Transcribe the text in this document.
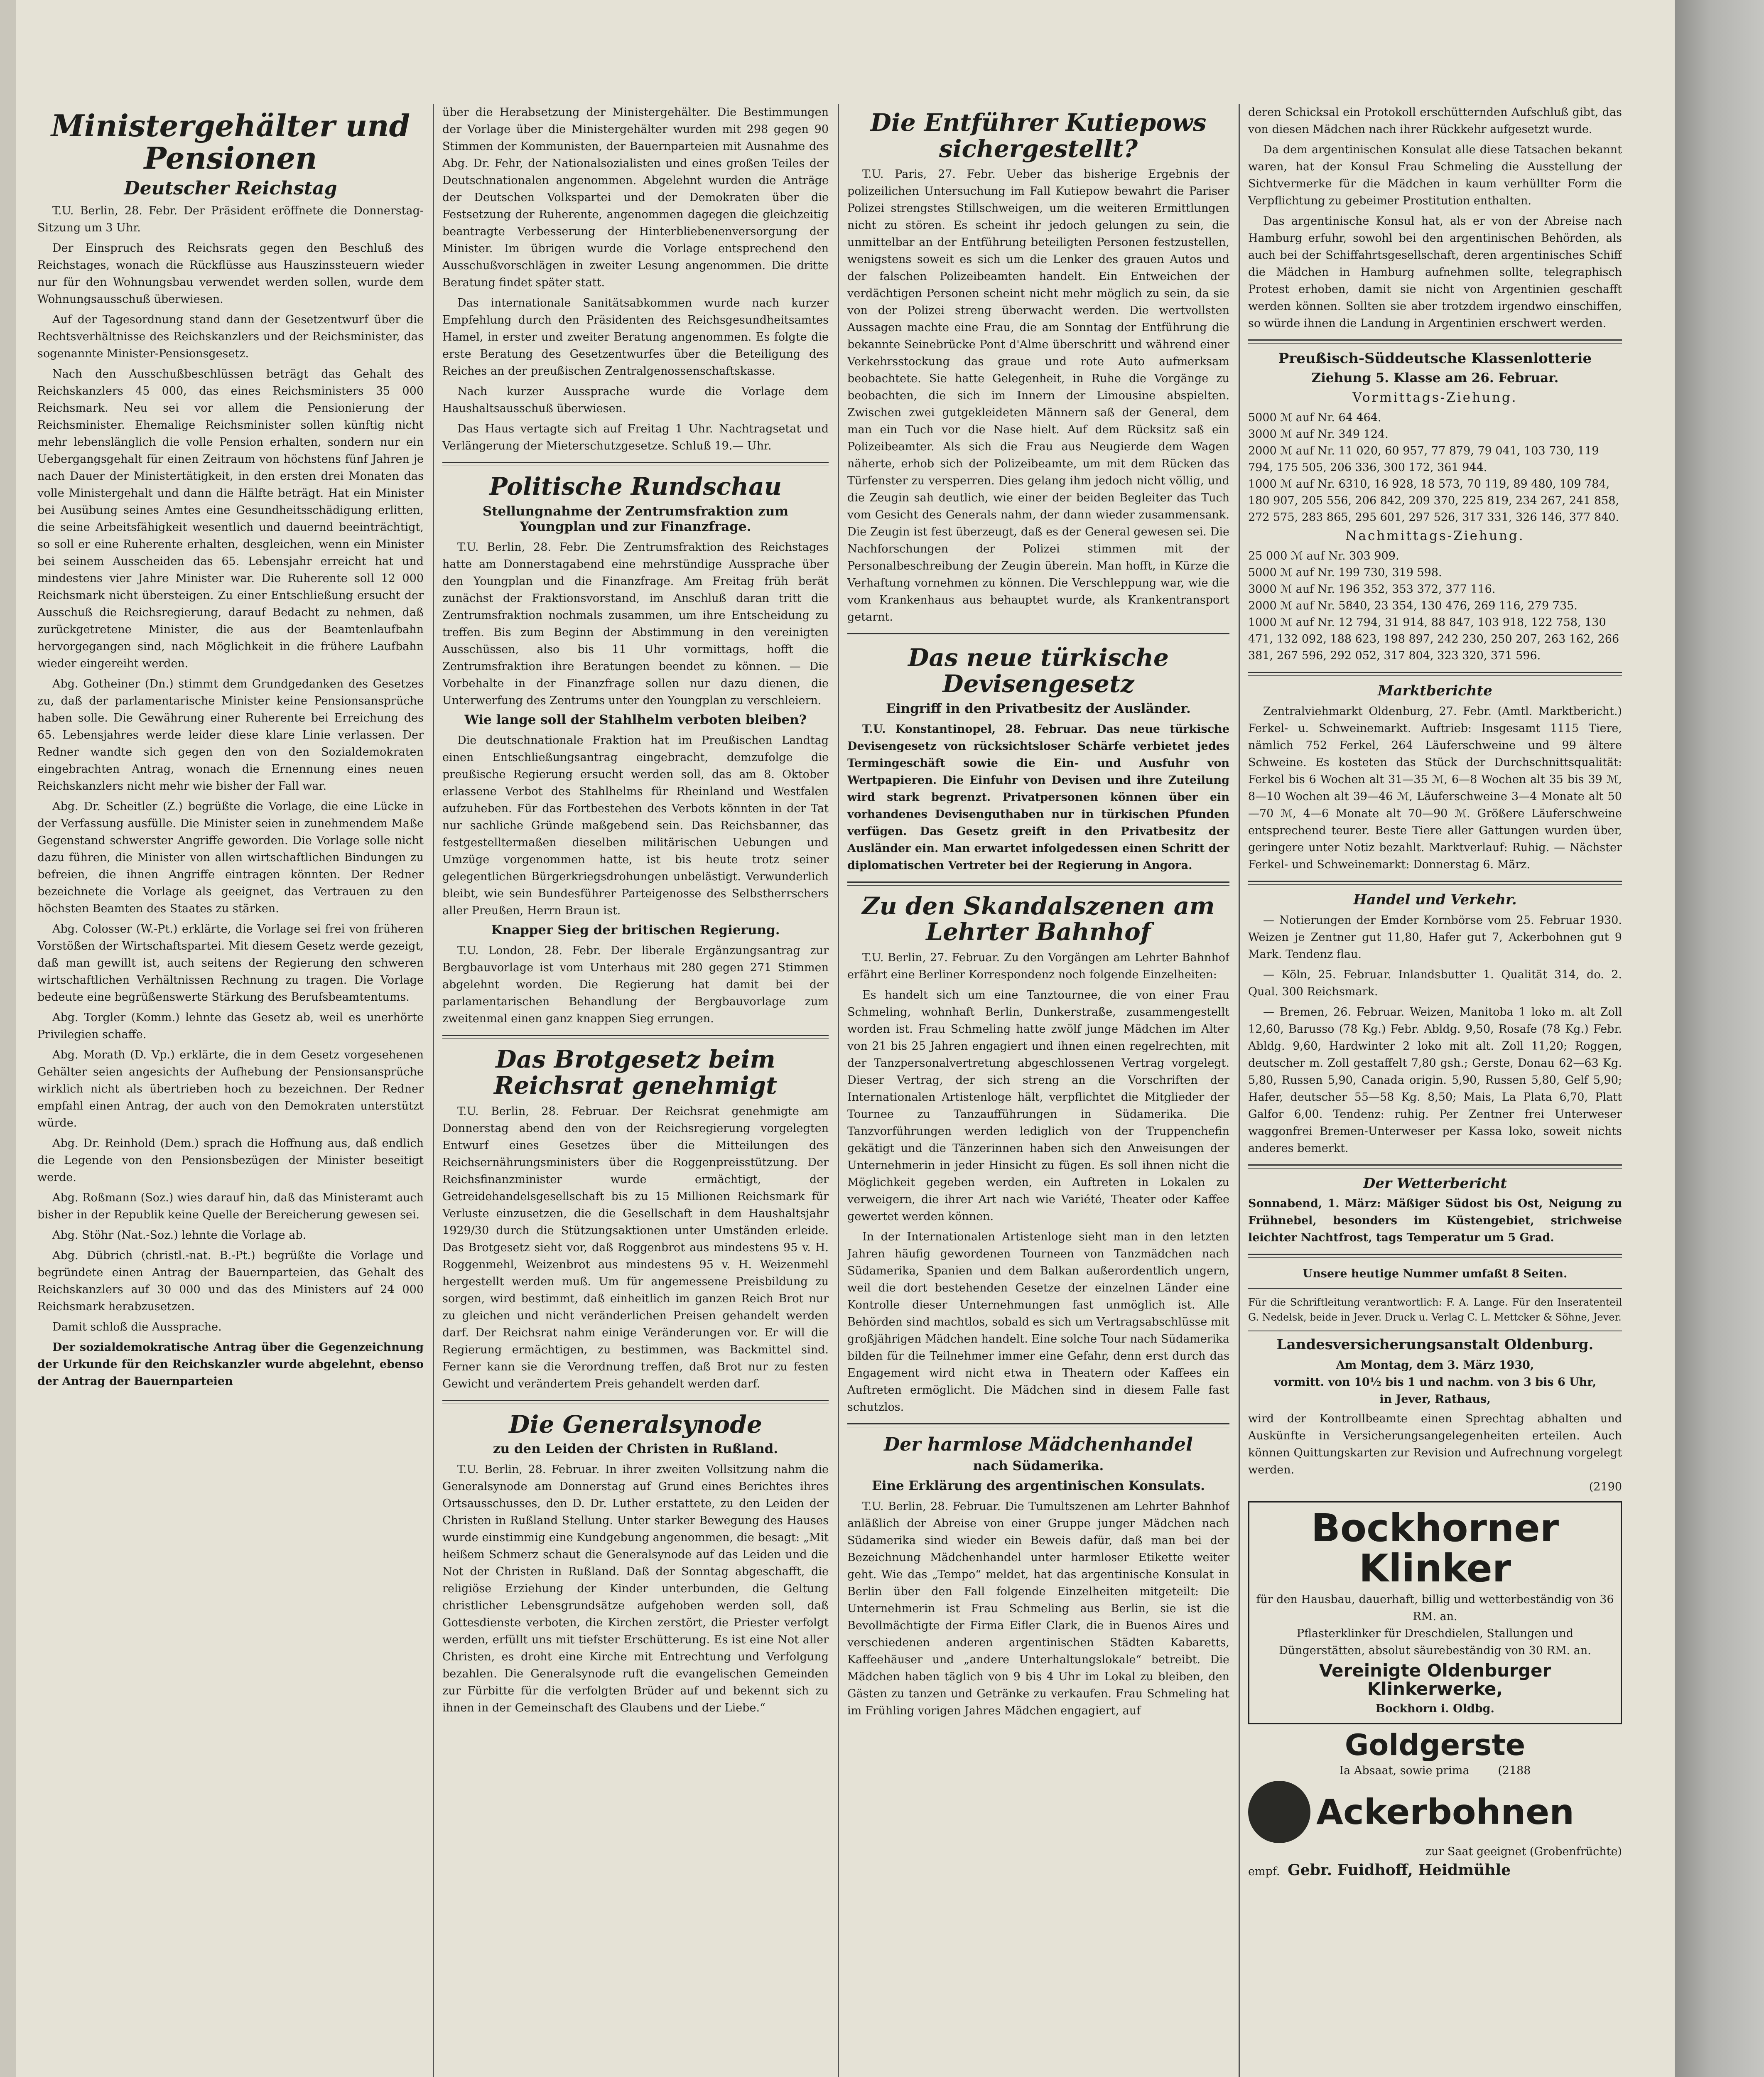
Ministergehälter und Pensionen
Deutscher Reichstag

T.U. Berlin, 28. Febr. Der Präsident eröffnete die Donnerstag-Sitzung um 3 Uhr.

Der Einspruch des Reichsrats gegen den Beschluß des Reichstages, wonach die Rückflüsse aus Hauszinssteuern wieder nur für den Wohnungsbau verwendet werden sollen, wurde dem Wohnungsausschuß überwiesen.

Auf der Tagesordnung stand dann der Gesetzentwurf über die Rechtsverhältnisse des Reichskanzlers und der Reichsminister, das sogenannte Minister-Pensionsgesetz.

Nach den Ausschußbeschlüssen beträgt das Gehalt des Reichskanzlers 45 000, das eines Reichsministers 35 000 Reichsmark. Neu sei vor allem die Pensionierung der Reichsminister. Ehemalige Reichsminister sollen künftig nicht mehr lebenslänglich die volle Pension erhalten, sondern nur ein Uebergangsgehalt für einen Zeitraum von höchstens fünf Jahren je nach Dauer der Ministertätigkeit, in den ersten drei Monaten das volle Ministergehalt und dann die Hälfte beträgt. Hat ein Minister bei Ausübung seines Amtes eine Gesundheitsschädigung erlitten, die seine Arbeitsfähigkeit wesentlich und dauernd beeinträchtigt, so soll er eine Ruherente erhalten, desgleichen, wenn ein Minister bei seinem Ausscheiden das 65. Lebensjahr erreicht hat und mindestens vier Jahre Minister war. Die Ruherente soll 12 000 Reichsmark nicht übersteigen. Zu einer Entschließung ersucht der Ausschuß die Reichsregierung, darauf Bedacht zu nehmen, daß zurückgetretene Minister, die aus der Beamtenlaufbahn hervorgegangen sind, nach Möglichkeit in die frühere Laufbahn wieder eingereiht werden.

Abg. Gotheiner (Dn.) stimmt dem Grundgedanken des Gesetzes zu, daß der parlamentarische Minister keine Pensionsansprüche haben solle. Die Gewährung einer Ruherente bei Erreichung des 65. Lebensjahres werde leider diese klare Linie verlassen. Der Redner wandte sich gegen den von den Sozialdemokraten eingebrachten Antrag, wonach die Ernennung eines neuen Reichskanzlers nicht mehr wie bisher der Fall war.

Abg. Dr. Scheitler (Z.) begrüßte die Vorlage, die eine Lücke in der Verfassung ausfülle. Die Minister seien in zunehmendem Maße Gegenstand schwerster Angriffe geworden. Die Vorlage solle nicht dazu führen, die Minister von allen wirtschaftlichen Bindungen zu befreien, die ihnen Angriffe eintragen könnten. Der Redner bezeichnete die Vorlage als geeignet, das Vertrauen zu den höchsten Beamten des Staates zu stärken.

Abg. Colosser (W.-Pt.) erklärte, die Vorlage sei frei von früheren Vorstößen der Wirtschaftspartei. Mit diesem Gesetz werde gezeigt, daß man gewillt ist, auch seitens der Regierung den schweren wirtschaftlichen Verhältnissen Rechnung zu tragen. Die Vorlage bedeute eine begrüßenswerte Stärkung des Berufsbeamtentums.

Abg. Torgler (Komm.) lehnte das Gesetz ab, weil es unerhörte Privilegien schaffe.

Abg. Morath (D. Vp.) erklärte, die in dem Gesetz vorgesehenen Gehälter seien angesichts der Aufhebung der Pensionsansprüche wirklich nicht als übertrieben hoch zu bezeichnen. Der Redner empfahl einen Antrag, der auch von den Demokraten unterstützt würde.

Abg. Dr. Reinhold (Dem.) sprach die Hoffnung aus, daß endlich die Legende von den Pensionsbezügen der Minister beseitigt werde.

Abg. Roßmann (Soz.) wies darauf hin, daß das Ministeramt auch bisher in der Republik keine Quelle der Bereicherung gewesen sei.

Abg. Stöhr (Nat.-Soz.) lehnte die Vorlage ab.

Abg. Dübrich (christl.-nat. B.-Pt.) begrüßte die Vorlage und begründete einen Antrag der Bauernparteien, das Gehalt des Reichskanzlers auf 30 000 und das des Ministers auf 24 000 Reichsmark herabzusetzen.

Damit schloß die Aussprache.

Der sozialdemokratische Antrag über die Gegenzeichnung der Urkunde für den Reichskanzler wurde abgelehnt, ebenso der Antrag der Bauernparteien

über die Herabsetzung der Ministergehälter. Die Bestimmungen der Vorlage über die Ministergehälter wurden mit 298 gegen 90 Stimmen der Kommunisten, der Bauernparteien mit Ausnahme des Abg. Dr. Fehr, der Nationalsozialisten und eines großen Teiles der Deutschnationalen angenommen. Abgelehnt wurden die Anträge der Deutschen Volkspartei und der Demokraten über die Festsetzung der Ruherente, angenommen dagegen die gleichzeitig beantragte Verbesserung der Hinterbliebenenversorgung der Minister. Im übrigen wurde die Vorlage entsprechend den Ausschußvorschlägen in zweiter Lesung angenommen. Die dritte Beratung findet später statt.

Das internationale Sanitätsabkommen wurde nach kurzer Empfehlung durch den Präsidenten des Reichsgesundheitsamtes Hamel, in erster und zweiter Beratung angenommen. Es folgte die erste Beratung des Gesetzentwurfes über die Beteiligung des Reiches an der preußischen Zentralgenossenschaftskasse.

Nach kurzer Aussprache wurde die Vorlage dem Haushaltsausschuß überwiesen.

Das Haus vertagte sich auf Freitag 1 Uhr. Nachtragsetat und Verlängerung der Mieterschutzgesetze. Schluß 19.— Uhr.

Politische Rundschau
Stellungnahme der Zentrumsfraktion zum Youngplan und zur Finanzfrage.

T.U. Berlin, 28. Febr. Die Zentrumsfraktion des Reichstages hatte am Donnerstagabend eine mehrstündige Aussprache über den Youngplan und die Finanzfrage. Am Freitag früh berät zunächst der Fraktionsvorstand, im Anschluß daran tritt die Zentrumsfraktion nochmals zusammen, um ihre Entscheidung zu treffen. Bis zum Beginn der Abstimmung in den vereinigten Ausschüssen, also bis 11 Uhr vormittags, hofft die Zentrumsfraktion ihre Beratungen beendet zu können. — Die Vorbehalte in der Finanzfrage sollen nur dazu dienen, die Unterwerfung des Zentrums unter den Youngplan zu verschleiern.

Wie lange soll der Stahlhelm verboten bleiben?

Die deutschnationale Fraktion hat im Preußischen Landtag einen Entschließungsantrag eingebracht, demzufolge die preußische Regierung ersucht werden soll, das am 8. Oktober erlassene Verbot des Stahlhelms für Rheinland und Westfalen aufzuheben. Für das Fortbestehen des Verbots könnten in der Tat nur sachliche Gründe maßgebend sein. Das Reichsbanner, das festgestelltermaßen dieselben militärischen Uebungen und Umzüge vorgenommen hatte, ist bis heute trotz seiner gelegentlichen Bürgerkriegsdrohungen unbelästigt. Verwunderlich bleibt, wie sein Bundesführer Parteigenosse des Selbstherrschers aller Preußen, Herrn Braun ist.

Knapper Sieg der britischen Regierung.

T.U. London, 28. Febr. Der liberale Ergänzungsantrag zur Bergbauvorlage ist vom Unterhaus mit 280 gegen 271 Stimmen abgelehnt worden. Die Regierung hat damit bei der parlamentarischen Behandlung der Bergbauvorlage zum zweitenmal einen ganz knappen Sieg errungen.

Das Brotgesetz beim Reichsrat genehmigt

T.U. Berlin, 28. Februar. Der Reichsrat genehmigte am Donnerstag abend den von der Reichsregierung vorgelegten Entwurf eines Gesetzes über die Mitteilungen des Reichsernährungsministers über die Roggenpreisstützung. Der Reichsfinanzminister wurde ermächtigt, der Getreidehandelsgesellschaft bis zu 15 Millionen Reichsmark für Verluste einzusetzen, die die Gesellschaft in dem Haushaltsjahr 1929/30 durch die Stützungsaktionen unter Umständen erleide. Das Brotgesetz sieht vor, daß Roggenbrot aus mindestens 95 v. H. Roggenmehl, Weizenbrot aus mindestens 95 v. H. Weizenmehl hergestellt werden muß. Um für angemessene Preisbildung zu sorgen, wird bestimmt, daß einheitlich im ganzen Reich Brot nur zu gleichen und nicht veränderlichen Preisen gehandelt werden darf. Der Reichsrat nahm einige Veränderungen vor. Er will die Regierung ermächtigen, zu bestimmen, was Backmittel sind. Ferner kann sie die Verordnung treffen, daß Brot nur zu festen Gewicht und verändertem Preis gehandelt werden darf.

Die Generalsynode
zu den Leiden der Christen in Rußland.

T.U. Berlin, 28. Februar. In ihrer zweiten Vollsitzung nahm die Generalsynode am Donnerstag auf Grund eines Berichtes ihres Ortsausschusses, den D. Dr. Luther erstattete, zu den Leiden der Christen in Rußland Stellung. Unter starker Bewegung des Hauses wurde einstimmig eine Kundgebung angenommen, die besagt: „Mit heißem Schmerz schaut die Generalsynode auf das Leiden und die Not der Christen in Rußland. Daß der Sonntag abgeschafft, die religiöse Erziehung der Kinder unterbunden, die Geltung christlicher Lebensgrundsätze aufgehoben werden soll, daß Gottesdienste verboten, die Kirchen zerstört, die Priester verfolgt werden, erfüllt uns mit tiefster Erschütterung. Es ist eine Not aller Christen, es droht eine Kirche mit Entrechtung und Verfolgung bezahlen. Die Generalsynode ruft die evangelischen Gemeinden zur Fürbitte für die verfolgten Brüder auf und bekennt sich zu ihnen in der Gemeinschaft des Glaubens und der Liebe.“

Die Entführer Kutiepows sichergestellt?

T.U. Paris, 27. Febr. Ueber das bisherige Ergebnis der polizeilichen Untersuchung im Fall Kutiepow bewahrt die Pariser Polizei strengstes Stillschweigen, um die weiteren Ermittlungen nicht zu stören. Es scheint ihr jedoch gelungen zu sein, die unmittelbar an der Entführung beteiligten Personen festzustellen, wenigstens soweit es sich um die Lenker des grauen Autos und der falschen Polizeibeamten handelt. Ein Entweichen der verdächtigen Personen scheint nicht mehr möglich zu sein, da sie von der Polizei streng überwacht werden. Die wertvollsten Aussagen machte eine Frau, die am Sonntag der Entführung die bekannte Seinebrücke Pont d'Alme überschritt und während einer Verkehrsstockung das graue und rote Auto aufmerksam beobachtete. Sie hatte Gelegenheit, in Ruhe die Vorgänge zu beobachten, die sich im Innern der Limousine abspielten. Zwischen zwei gutgekleideten Männern saß der General, dem man ein Tuch vor die Nase hielt. Auf dem Rücksitz saß ein Polizeibeamter. Als sich die Frau aus Neugierde dem Wagen näherte, erhob sich der Polizeibeamte, um mit dem Rücken das Türfenster zu versperren. Dies gelang ihm jedoch nicht völlig, und die Zeugin sah deutlich, wie einer der beiden Begleiter das Tuch vom Gesicht des Generals nahm, der dann wieder zusammensank. Die Zeugin ist fest überzeugt, daß es der General gewesen sei. Die Nachforschungen der Polizei stimmen mit der Personalbeschreibung der Zeugin überein. Man hofft, in Kürze die Verhaftung vornehmen zu können. Die Verschleppung war, wie die vom Krankenhaus aus behauptet wurde, als Krankentransport getarnt.

Das neue türkische Devisengesetz
Eingriff in den Privatbesitz der Ausländer.

T.U. Konstantinopel, 28. Februar. Das neue türkische Devisengesetz von rücksichtsloser Schärfe verbietet jedes Termingeschäft sowie die Ein- und Ausfuhr von Wertpapieren. Die Einfuhr von Devisen und ihre Zuteilung wird stark begrenzt. Privatpersonen können über ein vorhandenes Devisenguthaben nur in türkischen Pfunden verfügen. Das Gesetz greift in den Privatbesitz der Ausländer ein. Man erwartet infolgedessen einen Schritt der diplomatischen Vertreter bei der Regierung in Angora.

Zu den Skandalszenen am Lehrter Bahnhof

T.U. Berlin, 27. Februar. Zu den Vorgängen am Lehrter Bahnhof erfährt eine Berliner Korrespondenz noch folgende Einzelheiten:

Es handelt sich um eine Tanztournee, die von einer Frau Schmeling, wohnhaft Berlin, Dunkerstraße, zusammengestellt worden ist. Frau Schmeling hatte zwölf junge Mädchen im Alter von 21 bis 25 Jahren engagiert und ihnen einen regelrechten, mit der Tanzpersonalvertretung abgeschlossenen Vertrag vorgelegt. Dieser Vertrag, der sich streng an die Vorschriften der Internationalen Artistenloge hält, verpflichtet die Mitglieder der Tournee zu Tanzaufführungen in Südamerika. Die Tanzvorführungen werden lediglich von der Truppenchefin gekätigt und die Tänzerinnen haben sich den Anweisungen der Unternehmerin in jeder Hinsicht zu fügen. Es soll ihnen nicht die Möglichkeit gegeben werden, ein Auftreten in Lokalen zu verweigern, die ihrer Art nach wie Variété, Theater oder Kaffee gewertet werden können.

In der Internationalen Artistenloge sieht man in den letzten Jahren häufig gewordenen Tourneen von Tanzmädchen nach Südamerika, Spanien und dem Balkan außerordentlich ungern, weil die dort bestehenden Gesetze der einzelnen Länder eine Kontrolle dieser Unternehmungen fast unmöglich ist. Alle Behörden sind machtlos, sobald es sich um Vertragsabschlüsse mit großjährigen Mädchen handelt. Eine solche Tour nach Südamerika bilden für die Teilnehmer immer eine Gefahr, denn erst durch das Engagement wird nicht etwa in Theatern oder Kaffees ein Auftreten ermöglicht. Die Mädchen sind in diesem Falle fast schutzlos.

Der harmlose Mädchenhandel
nach Südamerika.
Eine Erklärung des argentinischen Konsulats.

T.U. Berlin, 28. Februar. Die Tumultszenen am Lehrter Bahnhof anläßlich der Abreise von einer Gruppe junger Mädchen nach Südamerika sind wieder ein Beweis dafür, daß man bei der Bezeichnung Mädchenhandel unter harmloser Etikette weiter geht. Wie das „Tempo“ meldet, hat das argentinische Konsulat in Berlin über den Fall folgende Einzelheiten mitgeteilt: Die Unternehmerin ist Frau Schmeling aus Berlin, sie ist die Bevollmächtigte der Firma Eifler Clark, die in Buenos Aires und verschiedenen anderen argentinischen Städten Kabaretts, Kaffeehäuser und „andere Unterhaltungslokale“ betreibt. Die Mädchen haben täglich von 9 bis 4 Uhr im Lokal zu bleiben, den Gästen zu tanzen und Getränke zu verkaufen. Frau Schmeling hat im Frühling vorigen Jahres Mädchen engagiert, auf

deren Schicksal ein Protokoll erschütternden Aufschluß gibt, das von diesen Mädchen nach ihrer Rückkehr aufgesetzt wurde.

Da dem argentinischen Konsulat alle diese Tatsachen bekannt waren, hat der Konsul Frau Schmeling die Ausstellung der Sichtvermerke für die Mädchen in kaum verhüllter Form die Verpflichtung zu gebeimer Prostitution enthalten.

Das argentinische Konsul hat, als er von der Abreise nach Hamburg erfuhr, sowohl bei den argentinischen Behörden, als auch bei der Schiffahrtsgesellschaft, deren argentinisches Schiff die Mädchen in Hamburg aufnehmen sollte, telegraphisch Protest erhoben, damit sie nicht von Argentinien geschafft werden können. Sollten sie aber trotzdem irgendwo einschiffen, so würde ihnen die Landung in Argentinien erschwert werden.

Preußisch-Süddeutsche Klassenlotterie
Ziehung 5. Klasse am 26. Februar.
Vormittags-Ziehung.

5000 ℳ auf Nr. 64 464.

3000 ℳ auf Nr. 349 124.

2000 ℳ auf Nr. 11 020, 60 957, 77 879, 79 041, 103 730, 119 794, 175 505, 206 336, 300 172, 361 944.

1000 ℳ auf Nr. 6310, 16 928, 18 573, 70 119, 89 480, 109 784, 180 907, 205 556, 206 842, 209 370, 225 819, 234 267, 241 858, 272 575, 283 865, 295 601, 297 526, 317 331, 326 146, 377 840.

Nachmittags-Ziehung.

25 000 ℳ auf Nr. 303 909.

5000 ℳ auf Nr. 199 730, 319 598.

3000 ℳ auf Nr. 196 352, 353 372, 377 116.

2000 ℳ auf Nr. 5840, 23 354, 130 476, 269 116, 279 735.

1000 ℳ auf Nr. 12 794, 31 914, 88 847, 103 918, 122 758, 130 471, 132 092, 188 623, 198 897, 242 230, 250 207, 263 162, 266 381, 267 596, 292 052, 317 804, 323 320, 371 596.

Marktberichte

Zentralviehmarkt Oldenburg, 27. Febr. (Amtl. Marktbericht.) Ferkel- u. Schweinemarkt. Auftrieb: Insgesamt 1115 Tiere, nämlich 752 Ferkel, 264 Läuferschweine und 99 ältere Schweine. Es kosteten das Stück der Durchschnittsqualität: Ferkel bis 6 Wochen alt 31—35 ℳ, 6—8 Wochen alt 35 bis 39 ℳ, 8—10 Wochen alt 39—46 ℳ, Läuferschweine 3—4 Monate alt 50—70 ℳ, 4—6 Monate alt 70—90 ℳ. Größere Läuferschweine entsprechend teurer. Beste Tiere aller Gattungen wurden über, geringere unter Notiz bezahlt. Marktverlauf: Ruhig. — Nächster Ferkel- und Schweinemarkt: Donnerstag 6. März.

Handel und Verkehr.

— Notierungen der Emder Kornbörse vom 25. Februar 1930. Weizen je Zentner gut 11,80, Hafer gut 7, Ackerbohnen gut 9 Mark. Tendenz flau.

— Köln, 25. Februar. Inlandsbutter 1. Qualität 314, do. 2. Qual. 300 Reichsmark.

— Bremen, 26. Februar. Weizen, Manitoba 1 loko m. alt Zoll 12,60, Barusso (78 Kg.) Febr. Abldg. 9,50, Rosafe (78 Kg.) Febr. Abldg. 9,60, Hardwinter 2 loko mit alt. Zoll 11,20; Roggen, deutscher m. Zoll gestaffelt 7,80 gsh.; Gerste, Donau 62—63 Kg. 5,80, Russen 5,90, Canada origin. 5,90, Russen 5,80, Gelf 5,90; Hafer, deutscher 55—58 Kg. 8,50; Mais, La Plata 6,70, Platt Galfor 6,00. Tendenz: ruhig. Per Zentner frei Unterweser waggonfrei Bremen-Unterweser per Kassa loko, soweit nichts anderes bemerkt.

Der Wetterbericht

Sonnabend, 1. März: Mäßiger Südost bis Ost, Neigung zu Frühnebel, besonders im Küstengebiet, strichweise leichter Nachtfrost, tags Temperatur um 5 Grad.

Unsere heutige Nummer umfaßt 8 Seiten.

Für die Schriftleitung verantwortlich: F. A. Lange. Für den Inseratenteil G. Nedelsk, beide in Jever. Druck u. Verlag C. L. Mettcker & Söhne, Jever.

Landesversicherungsanstalt Oldenburg.

Am Montag, dem 3. März 1930,

vormitt. von 10½ bis 1 und nachm. von 3 bis 6 Uhr,

in Jever, Rathaus,

wird der Kontrollbeamte einen Sprechtag abhalten und Auskünfte in Versicherungsangelegenheiten erteilen. Auch können Quittungskarten zur Revision und Aufrechnung vorgelegt werden.

(2190

Bockhorner Klinker

für den Hausbau, dauerhaft, billig und wetterbeständig von 36 RM. an.

Pflasterklinker für Dreschdielen, Stallungen und Düngerstätten, absolut säurebeständig von 30 RM. an.

Vereinigte Oldenburger Klinkerwerke,

Bockhorn i. Oldbg.

Goldgerste

Ia Absaat, sowie prima	(2188

Ackerbohnen

zur Saat geeignet (Grobenfrüchte)

empf. Gebr. Fuidhoff, Heidmühle
